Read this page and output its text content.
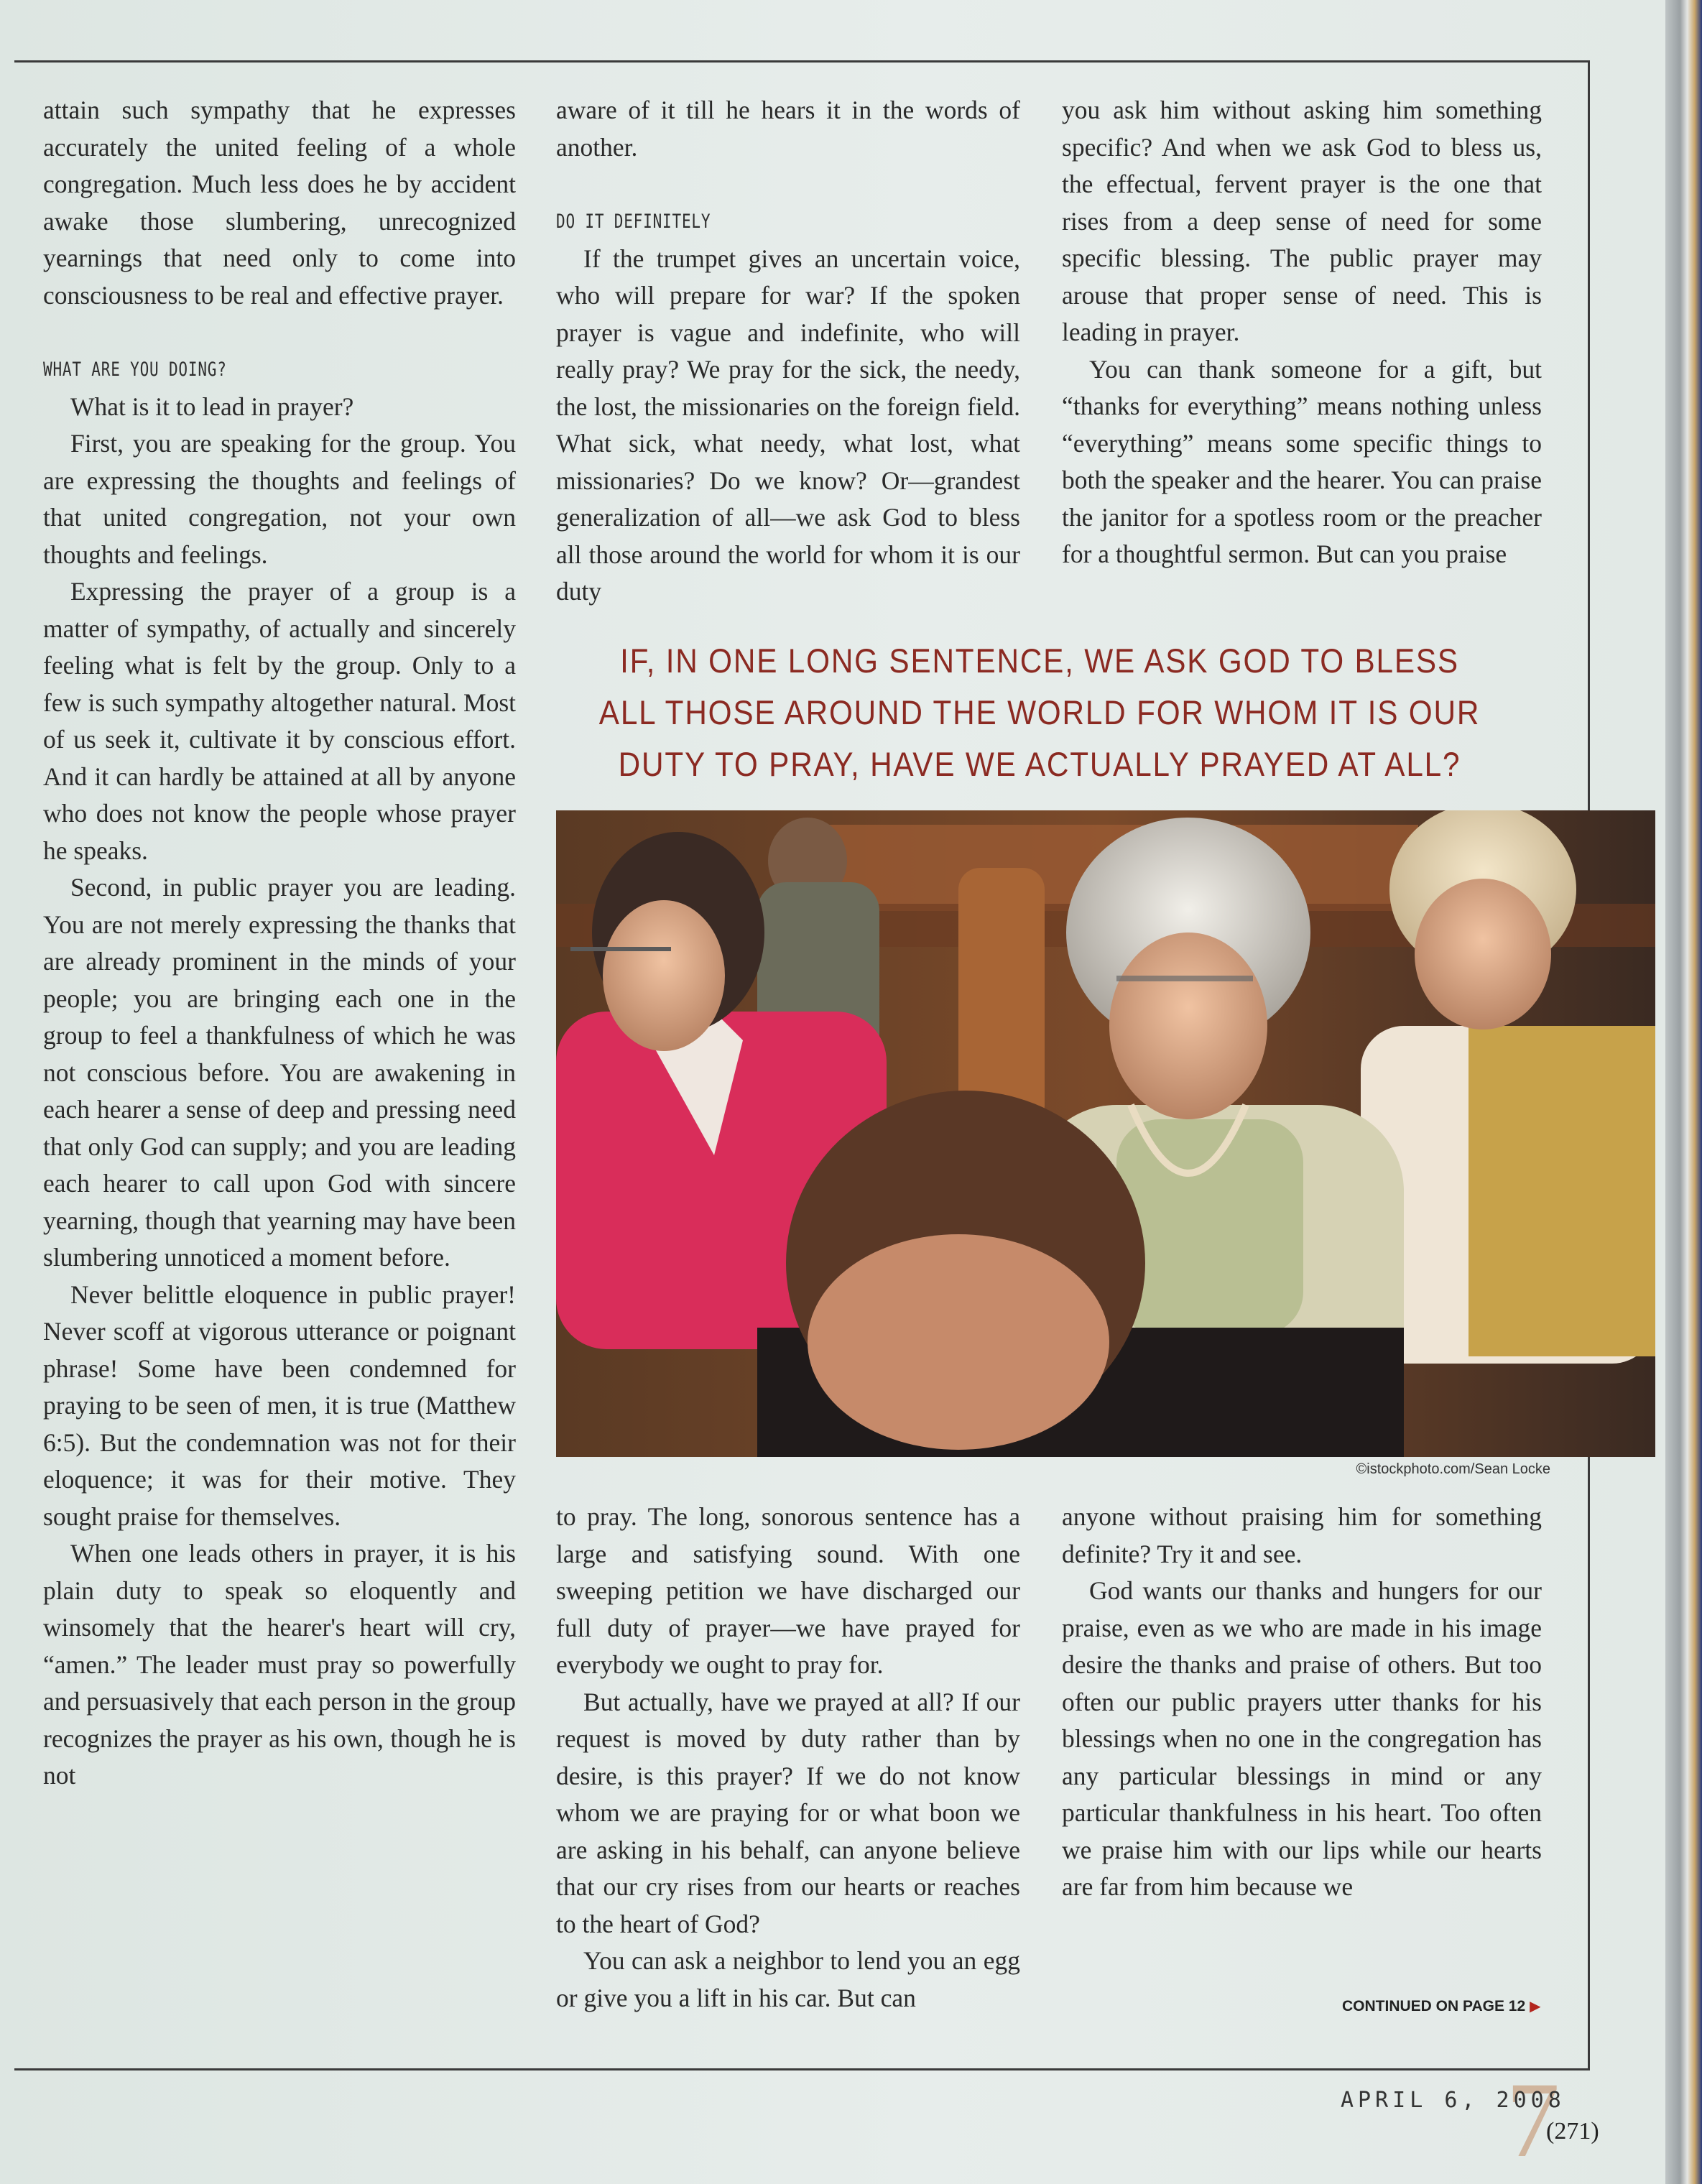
attain such sympathy that he expresses accurately the united feeling of a whole congregation. Much less does he by accident awake those slumbering, unrecognized yearnings that need only to come into consciousness to be real and effective prayer.

WHAT ARE YOU DOING?

What is it to lead in prayer?

First, you are speaking for the group. You are expressing the thoughts and feelings of that united congregation, not your own thoughts and feelings.

Expressing the prayer of a group is a matter of sympathy, of actually and sincerely feeling what is felt by the group. Only to a few is such sympathy altogether natural. Most of us seek it, cultivate it by conscious effort. And it can hardly be attained at all by anyone who does not know the people whose prayer he speaks.

Second, in public prayer you are leading. You are not merely expressing the thanks that are already prominent in the minds of your people; you are bringing each one in the group to feel a thankfulness of which he was not conscious before. You are awakening in each hearer a sense of deep and pressing need that only God can supply; and you are leading each hearer to call upon God with sincere yearning, though that yearning may have been slumbering unnoticed a moment before.

Never belittle eloquence in public prayer! Never scoff at vigorous utterance or poignant phrase! Some have been condemned for praying to be seen of men, it is true (Matthew 6:5). But the condemnation was not for their eloquence; it was for their motive. They sought praise for themselves.

When one leads others in prayer, it is his plain duty to speak so eloquently and winsomely that the hearer's heart will cry, “amen.” The leader must pray so powerfully and persuasively that each person in the group recognizes the prayer as his own, though he is not

aware of it till he hears it in the words of another.

DO IT DEFINITELY

If the trumpet gives an uncertain voice, who will prepare for war? If the spoken prayer is vague and indefinite, who will really pray? We pray for the sick, the needy, the lost, the missionaries on the foreign field. What sick, what needy, what lost, what missionaries? Do we know? Or—grandest generalization of all—we ask God to bless all those around the world for whom it is our duty

you ask him without asking him something specific? And when we ask God to bless us, the effectual, fervent prayer is the one that rises from a deep sense of need for some specific blessing. The public prayer may arouse that proper sense of need. This is leading in prayer.

You can thank someone for a gift, but “thanks for everything” means nothing unless “everything” means some specific things to both the speaker and the hearer. You can praise the janitor for a spotless room or the preacher for a thoughtful sermon. But can you praise

IF, IN ONE LONG SENTENCE, WE ASK GOD TO BLESS
ALL THOSE AROUND THE WORLD FOR WHOM IT IS OUR
DUTY TO PRAY, HAVE WE ACTUALLY PRAYED AT ALL?
©istockphoto.com/Sean Locke

to pray. The long, sonorous sentence has a large and satisfying sound. With one sweeping petition we have discharged our full duty of prayer—we have prayed for everybody we ought to pray for.

But actually, have we prayed at all? If our request is moved by duty rather than by desire, is this prayer? If we do not know whom we are praying for or what boon we are asking in his behalf, can anyone believe that our cry rises from our hearts or reaches to the heart of God?

You can ask a neighbor to lend you an egg or give you a lift in his car. But can

anyone without praising him for something definite? Try it and see.

God wants our thanks and hungers for our praise, even as we who are made in his image desire the thanks and praise of others. But too often our public prayers utter thanks for his blessings when no one in the congregation has any particular blessings in mind or any particular thankfulness in his heart. Too often we praise him with our lips while our hearts are far from him because we

CONTINUED ON PAGE 12 ▶
7
APRIL 6, 2008
(271)
